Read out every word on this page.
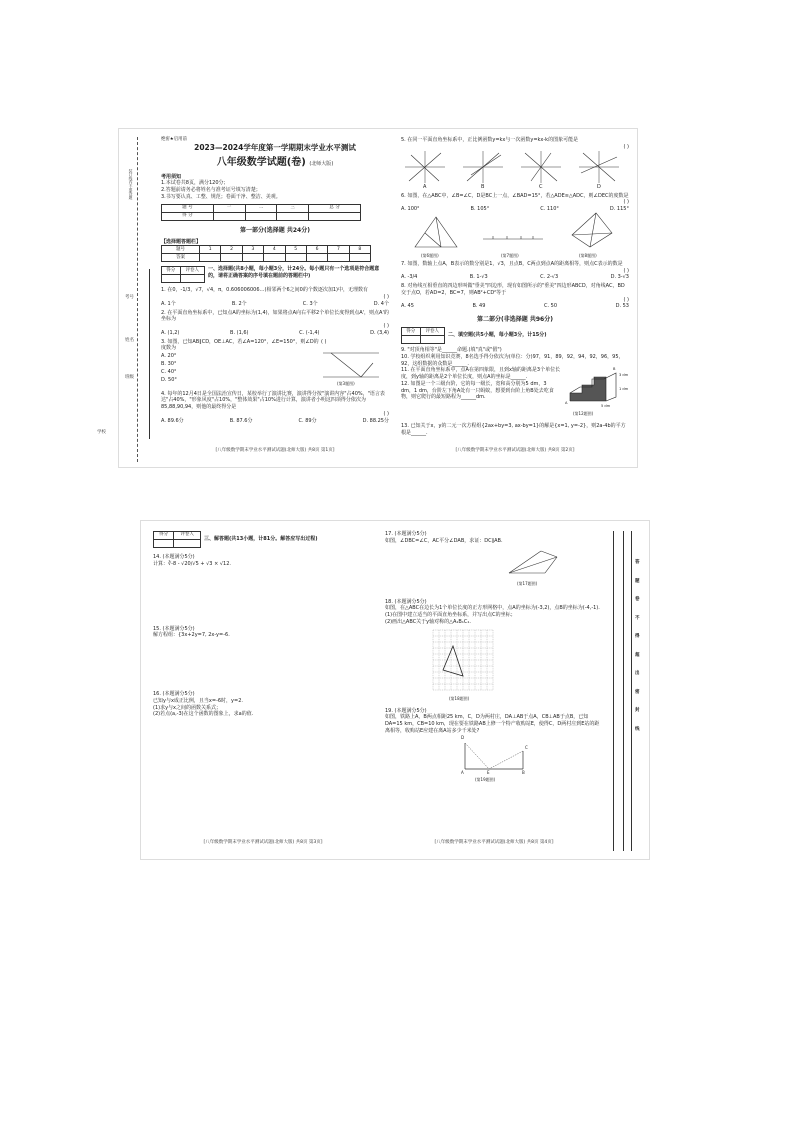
装订线内不要答题
学校
班级
姓名
考号

绝密★启用前

2023—2024学年度第一学期期末学业水平测试

八年级数学试题(卷) (北师大版)

考用须知

1.本试卷共8页，满分120分；

2.答题前请务必将姓名与准考证号填写清楚；

3.书写要认真、工整、规范；卷面干净、整洁、美观。

题 号	一	二	三	总 分
得 分				

第一部分(选择题 共24分)

【选择题答题栏】

题号	1	2	3	4	5	6	7	8
答案								
得分	评卷人
	一、选择题(共8小题，每小题3分，计24分。每小题只有一个选项是符合题意的，请将正确答案的序号填在题前的答题栏中)

1. 在0，-1/3，√7，√4，π，0.606006006…(相邻两个6之间0的个数逐次加1)中，无理数有

( )

A. 1个	B. 2个	C. 3个	D. 4个

2. 在平面直角坐标系中，已知点A的坐标为(1,4)，如果将点A向右平移2个单位长度得到点A'，则点A'的坐标为

( )

A. (1,2)	B. (1,6)	C. (-1,4)	D. (3,4)

3. 如图，已知AB∥CD，OE⊥AC，若∠A=120°，∠E=150°，则∠D的度数为

( )

A. 20°

B. 30°

C. 40°

D. 50°

(第3题图)

4. 每年的12月4日是全国法治宣传日，某校举行了演讲比赛，演讲得分按"演讲内容"占40%，"语言表达"占40%，"形象风度"占10%，"整体效果"占10%进行计算，演讲者小明这四项得分依次为85,88,90,94，则他的最终得分是

( )

A. 89.6分	B. 87.6分	C. 89分	D. 88.25分
[八年级数学期末学业水平测试试题(北师大版) 共8页 第1页]

5. 在同一平面直角坐标系中，正比例函数y=kx与一次函数y=kx-k的图象可能是

( )

A	B	C	D

6. 如图，在△ABC中，∠B=∠C，D是BC上一点，∠BAD=15°，若△ADE≅△ADC，则∠DEC的度数是

( )

A. 100°	B. 105°	C. 110°	D. 115°
(第6题图)	(第7题图)	(第8题图)

7. 如图，数轴上点A，B表示的数分别是1，√3，且点B，C两点到点A的距离相等，则点C表示的数是

( )

A. -3/4	B. 1-√3	C. 2-√3	D. 3-√3

8. 对角线互相垂直的四边形叫做"垂美"四边形，现有如图所示的"垂美"四边形ABCD，对角线AC，BD交于点O，若AD=2，BC=7，则AB²+CD²等于

( )

A. 45	B. 49	C. 50	D. 53

第二部分(非选择题 共96分)

得分	评卷人

二、填空题(共5小题，每小题3分，计15分)

9. "对顶角相等"是______命题.(填"真"或"假")

10. 学校组织利用知识竞赛，8名选手得分依次为(单位：分)97，91，89，92，94，92，96，95，92，这组数据的众数是______.

11. 在平面直角坐标系中，点A在第四象限，且到x轴的距离是3个单位长度，到y轴的距离是2个单位长度，则点A的坐标是______.

12. 如图是一个三级台阶，它的每一级长，宽和高分别为5 dm，3 dm，1 dm，台阶左下角A处有一只蚂蚁，想要到台阶上角B处去吃食物，则它爬行的最短路程为______dm.

3 dm
5 dm
1 dm
A
B
(第12题图)

13. 已知关于x，y的二元一次方程组{2ax+by=3, ax-by=1}的解是{x=1, y=-2}，则2a-4b的平方根是______.

[八年级数学期末学业水平测试试题(北师大版) 共8页 第2页]
得分	评卷人

三、解答题(共13小题，计81分。解答应写出过程)

14. (本题满分5分)

计算：∛-8 - √20/√5 + √3 × √12.

15. (本题满分5分)

解方程组：{3x+2y=7, 2x-y=-6.

16. (本题满分5分)

已知y与x成正比例，且当x=-6时，y=2.

(1)求y与x之间的函数关系式；

(2)若点(a,-3)在这个函数的图象上，求a的值.

[八年级数学期末学业水平测试试题(北师大版) 共8页 第3页]

17. (本题满分5分)

如图，∠DBC=∠C，AC平分∠DAB，求证：DC∥AB.

(第17题图)

18. (本题满分5分)

如图，在△ABC在边长为1个单位长度的正方形网格中，点A的坐标为(-3,2)，点B的坐标为(-4,-1).

(1)在图中建立适当的平面直角坐标系，并写出点C的坐标；

(2)画出△ABC关于y轴对称的△A₁B₁C₁.

(第18题图)

19. (本题满分5分)

如图，铁路上A，B两点相距25 km，C，D为两村庄，DA⊥AB于点A，CB⊥AB于点B，已知DA=15 km，CB=10 km，现在要在铁路AB上修一个特产收购站E，使得C，D两村庄到E站的距离相等，收购站E应建在离A站多少千米处?

D
C
A	E	B
(第19题图)
[八年级数学期末学业水平测试试题(北师大版) 共8页 第4页]
答
题
卷
不
得
超
出
密
封
线
